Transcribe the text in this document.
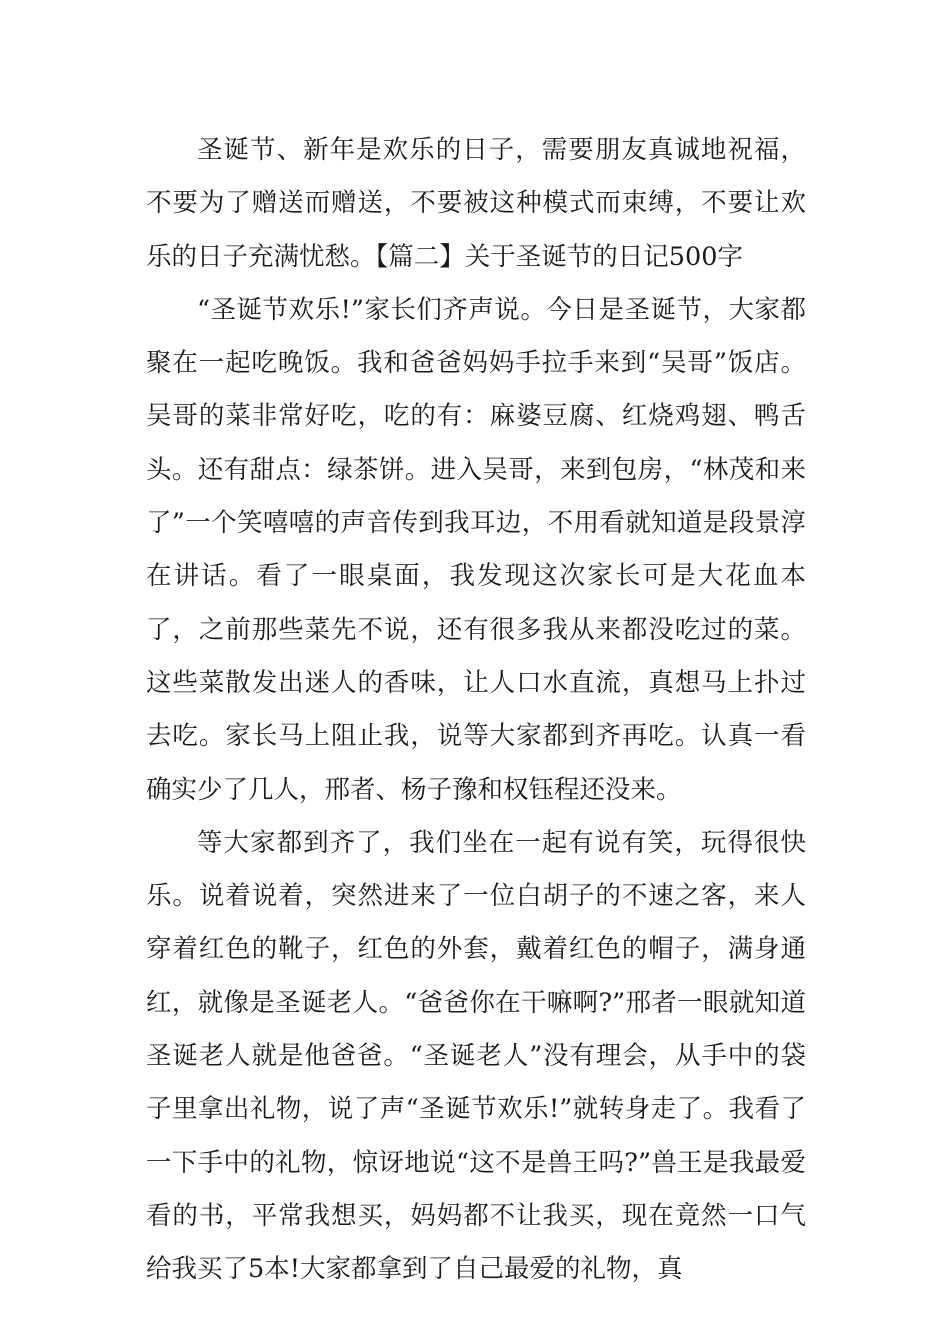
圣诞节、新年是欢乐的日子，需要朋友真诚地祝福，不要为了赠送而赠送，不要被这种模式而束缚，不要让欢乐的日子充满忧愁。【篇二】关于圣诞节的日记500字

“圣诞节欢乐!”家长们齐声说。今日是圣诞节，大家都聚在一起吃晚饭。我和爸爸妈妈手拉手来到“吴哥”饭店。吴哥的菜非常好吃，吃的有：麻婆豆腐、红烧鸡翅、鸭舌头。还有甜点：绿茶饼。进入吴哥，来到包房，“林茂和来了”一个笑嘻嘻的声音传到我耳边，不用看就知道是段景淳在讲话。看了一眼桌面，我发现这次家长可是大花血本了，之前那些菜先不说，还有很多我从来都没吃过的菜。这些菜散发出迷人的香味，让人口水直流，真想马上扑过去吃。家长马上阻止我，说等大家都到齐再吃。认真一看确实少了几人，邢者、杨子豫和权钰程还没来。

等大家都到齐了，我们坐在一起有说有笑，玩得很快乐。说着说着，突然进来了一位白胡子的不速之客，来人穿着红色的靴子，红色的外套，戴着红色的帽子，满身通红，就像是圣诞老人。“爸爸你在干嘛啊?”邢者一眼就知道圣诞老人就是他爸爸。“圣诞老人”没有理会，从手中的袋子里拿出礼物，说了声“圣诞节欢乐!”就转身走了。我看了一下手中的礼物，惊讶地说“这不是兽王吗?”兽王是我最爱看的书，平常我想买，妈妈都不让我买，现在竟然一口气给我买了5本!大家都拿到了自己最爱的礼物，真
